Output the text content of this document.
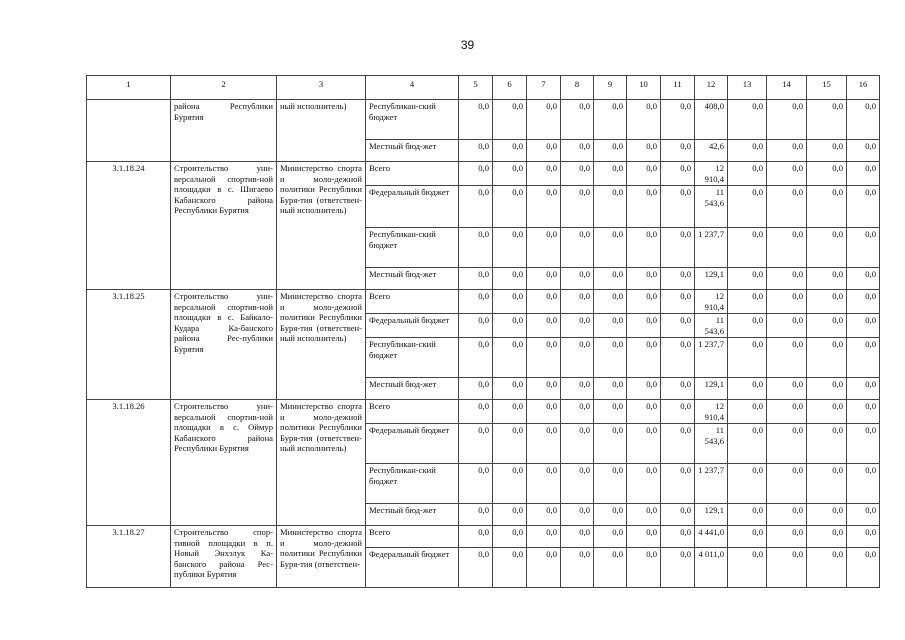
39
1	2	3	4	5	6	7	8	9	10	11	12	13	14	15	16
	района Республики Бурятия	ный исполнитель)	Республикан-ский бюджет	0,0	0,0	0,0	0,0	0,0	0,0	0,0	408,0	0,0	0,0	0,0	0,0
			Местный бюд-жет	0,0	0,0	0,0	0,0	0,0	0,0	0,0	42,6	0,0	0,0	0,0	0,0
3.1.18.24	Строительство уни-версальной спортив-ной площадки в с. Шигаево Кабанского района Республики Бурятия	Министерство спорта и моло-дежной политики Республики Буря-тия (ответствен-ный исполнитель)	Всего	0,0	0,0	0,0	0,0	0,0	0,0	0,0	12 910,4	0,0	0,0	0,0	0,0
			Федеральный бюджет	0,0	0,0	0,0	0,0	0,0	0,0	0,0	11 543,6	0,0	0,0	0,0	0,0
			Республикан-ский бюджет	0,0	0,0	0,0	0,0	0,0	0,0	0,0	1 237,7	0,0	0,0	0,0	0,0
			Местный бюд-жет	0,0	0,0	0,0	0,0	0,0	0,0	0,0	129,1	0,0	0,0	0,0	0,0
3.1.18.25	Строительство уни-версальной спортив-ной площадки в с. Байкало-Кудара Ка-банского района Рес-публики Бурятия	Министерство спорта и моло-дежной политики Республики Буря-тия (ответствен-ный исполнитель)	Всего	0,0	0,0	0,0	0,0	0,0	0,0	0,0	12 910,4	0,0	0,0	0,0	0,0
			Федеральный бюджет	0,0	0,0	0,0	0,0	0,0	0,0	0,0	11 543,6	0,0	0,0	0,0	0,0
			Республикан-ский бюджет	0,0	0,0	0,0	0,0	0,0	0,0	0,0	1 237,7	0,0	0,0	0,0	0,0
			Местный бюд-жет	0,0	0,0	0,0	0,0	0,0	0,0	0,0	129,1	0,0	0,0	0,0	0,0
3.1.18.26	Строительство уни-версальной спортив-ной площадки в с. Оймур Кабанского района Республики Бурятия	Министерство спорта и моло-дежной политики Республики Буря-тия (ответствен-ный исполнитель)	Всего	0,0	0,0	0,0	0,0	0,0	0,0	0,0	12 910,4	0,0	0,0	0,0	0,0
			Федеральный бюджет	0,0	0,0	0,0	0,0	0,0	0,0	0,0	11 543,6	0,0	0,0	0,0	0,0
			Республикан-ский бюджет	0,0	0,0	0,0	0,0	0,0	0,0	0,0	1 237,7	0,0	0,0	0,0	0,0
			Местный бюд-жет	0,0	0,0	0,0	0,0	0,0	0,0	0,0	129,1	0,0	0,0	0,0	0,0
3.1.18.27	Строительство спор-тивной площадки в п. Новый Энхэлук Ка-банского района Рес-публики Бурятия	Министерство спорта и моло-дежной политики Республики Буря-тия (ответствен-	Всего	0,0	0,0	0,0	0,0	0,0	0,0	0,0	4 441,0	0,0	0,0	0,0	0,0
			Федеральный бюджет	0,0	0,0	0,0	0,0	0,0	0,0	0,0	4 011,0	0,0	0,0	0,0	0,0
